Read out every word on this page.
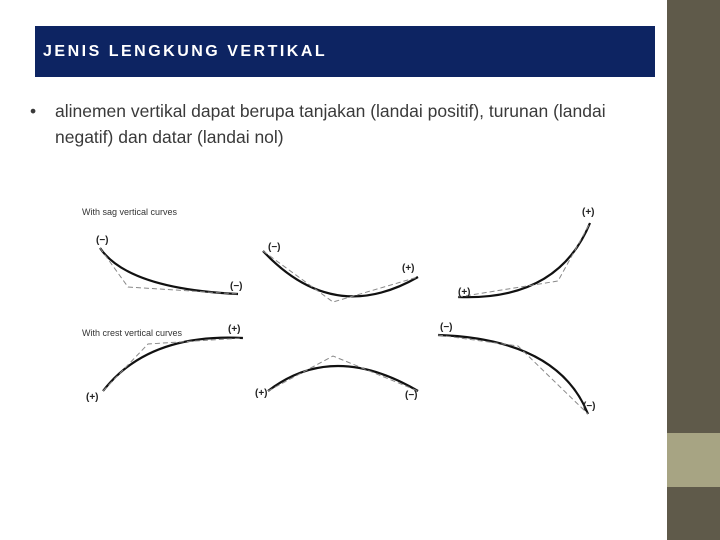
JENIS LENGKUNG VERTIKAL
•	alinemen vertikal dapat berupa tanjakan (landai positif), turunan (landai negatif) dan datar (landai nol)
With sag vertical curves
With crest vertical curves
(−)
(−)
(−)
(+)
(+)
(+)
(+)
(+)
(+)	(−)
(−)
(−)
